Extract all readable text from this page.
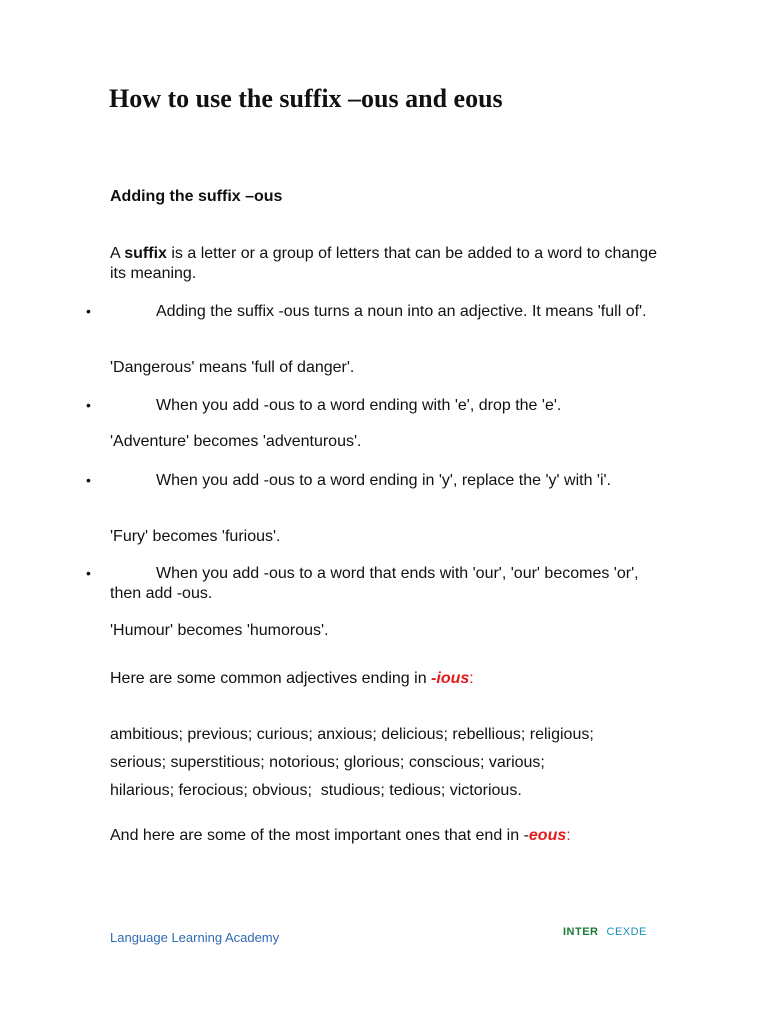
How to use the suffix –ous and eous

Adding the suffix –ous

A suffix is a letter or a group of letters that can be added to a word to change its meaning.

•	Adding the suffix -ous turns a noun into an adjective. It means 'full of'.

'Dangerous' means 'full of danger'.

•	When you add -ous to a word ending with 'e', drop the 'e'.

'Adventure' becomes 'adventurous'.

•	When you add -ous to a word ending in 'y', replace the 'y' with 'i'.

'Fury' becomes 'furious'.

•	When you add -ous to a word that ends with 'our', 'our' becomes 'or', then add -ous.

'Humour' becomes 'humorous'.

Here are some common adjectives ending in -ious:

ambitious; previous; curious; anxious; delicious; rebellious; religious;

serious; superstitious; notorious; glorious; conscious; various;

hilarious; ferocious; obvious;  studious; tedious; victorious.

And here are some of the most important ones that end in -eous:

Language Learning Academy	INTER CEXDE
